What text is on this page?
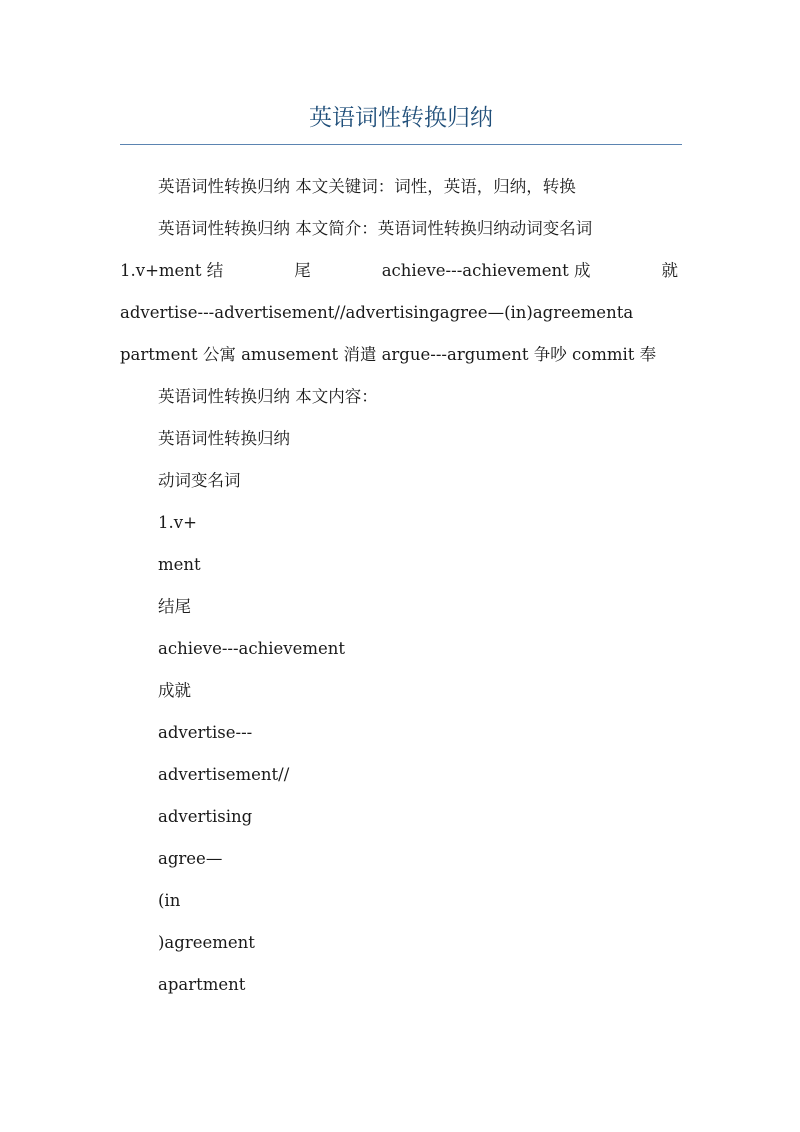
英语词性转换归纳
英语词性转换归纳 本文关键词：词性，英语，归纳，转换
英语词性转换归纳 本文简介：英语词性转换归纳动词变名词
1.v+ment 结	尾	achieve---achievement 成	就
advertise---advertisement//advertisingagree—(in)agreementa
partment 公寓 amusement 消遣 argue---argument 争吵 commit 奉
英语词性转换归纳 本文内容：
英语词性转换归纳
动词变名词
1.v+
ment
结尾
achieve---achievement
成就
advertise---
advertisement//
advertising
agree—
(in
)agreement
apartment
